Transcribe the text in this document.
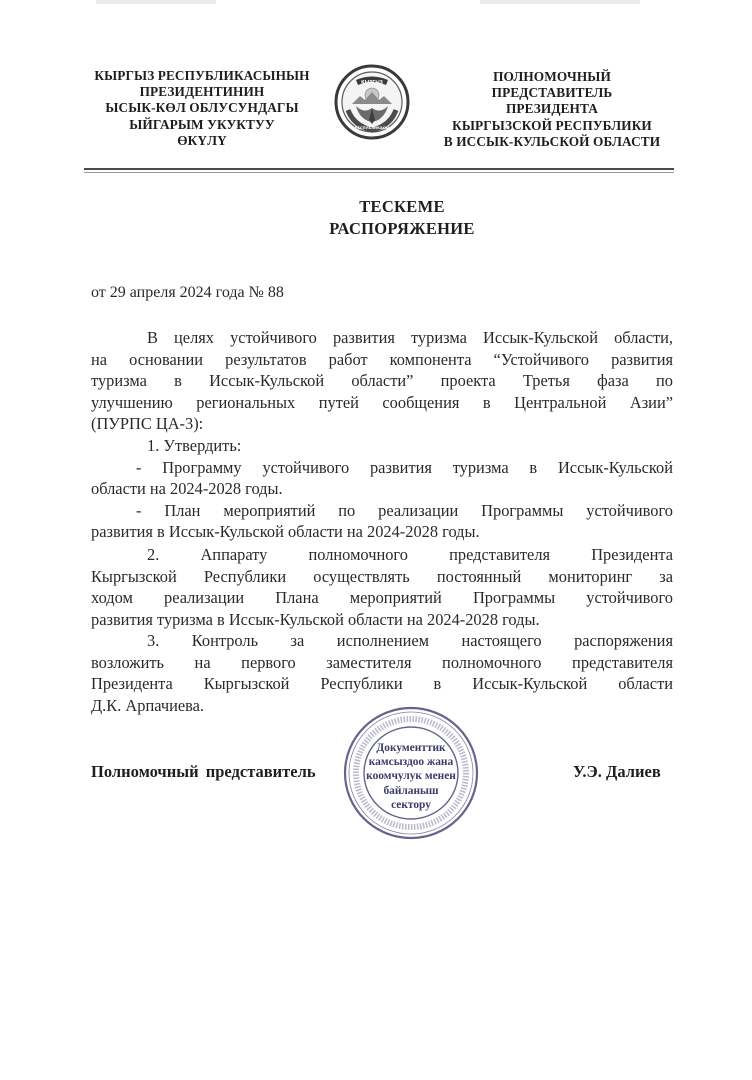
КЫРГЫЗ РЕСПУБЛИКАСЫНЫН
ПРЕЗИДЕНТИНИН
ЫСЫК-КӨЛ ОБЛУСУНДАГЫ
ЫЙГАРЫМ УКУКТУУ
ӨКҮЛҮ
КЫРГЫЗ
РЕСПУБЛИКАСЫ
ПОЛНОМОЧНЫЙ
ПРЕДСТАВИТЕЛЬ
ПРЕЗИДЕНТА
КЫРГЫЗСКОЙ РЕСПУБЛИКИ
В ИССЫК-КУЛЬСКОЙ ОБЛАСТИ
ТЕСКЕМЕ
РАСПОРЯЖЕНИЕ
от 29 апреля 2024 года № 88
В целях устойчивого развития туризма Иссык-Кульской области,
на основании результатов работ компонента “Устойчивого развития
туризма в Иссык-Кульской области” проекта Третья фаза по
улучшению региональных путей сообщения в Центральной Азии”
(ПУРПС ЦА-3):
1. Утвердить:
- Программу устойчивого развития туризма в Иссык-Кульской
области на 2024-2028 годы.
- План мероприятий по реализации Программы устойчивого
развития в Иссык-Кульской области на 2024-2028 годы.
2. Аппарату полномочного представителя Президента
Кыргызской Республики осуществлять постоянный мониторинг за
ходом реализации Плана мероприятий Программы устойчивого
развития туризма в Иссык-Кульской области на 2024-2028 годы.
3. Контроль за исполнением настоящего распоряжения
возложить на первого заместителя полномочного представителя
Президента Кыргызской Республики в Иссык-Кульской области
Д.К. Арпачиева.
Полномочный представитель
Документтик
камсыздоо жана
коомчулук менен
байланыш
сектору
У.Э. Далиев
